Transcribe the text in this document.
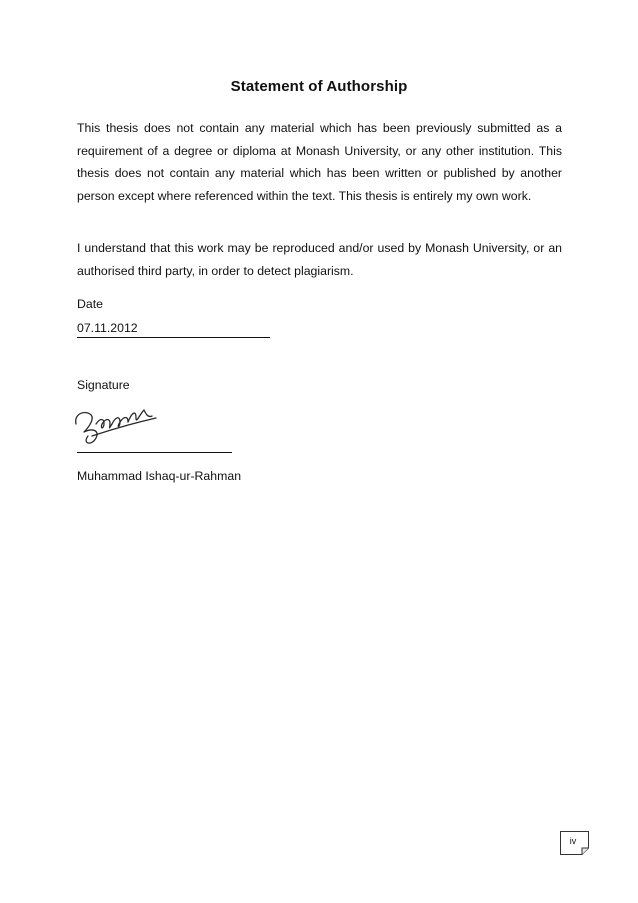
Statement of Authorship

This thesis does not contain any material which has been previously submitted as a requirement of a degree or diploma at Monash University, or any other institution. This thesis does not contain any material which has been written or published by another person except where referenced within the text. This thesis is entirely my own work.

I understand that this work may be reproduced and/or used by Monash University, or an authorised third party, in order to detect plagiarism.

Date
07.11.2012
Signature
Muhammad Ishaq-ur-Rahman
iv
